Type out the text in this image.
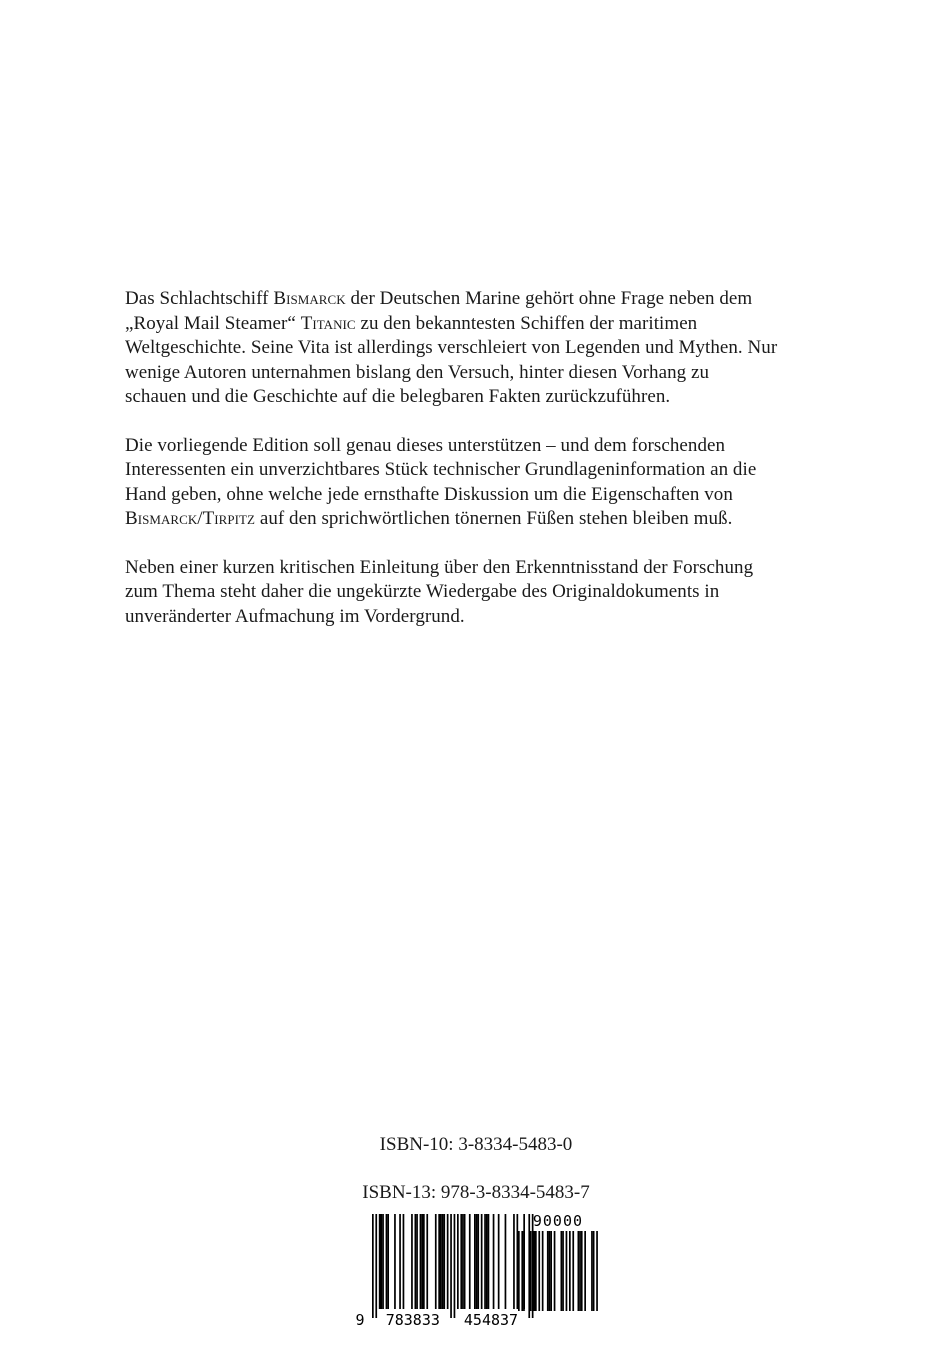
Das Schlachtschiff Bismarck der Deutschen Marine gehört ohne Frage neben dem
„Royal Mail Steamer“ Titanic zu den bekanntesten Schiffen der maritimen
Weltgeschichte. Seine Vita ist allerdings verschleiert von Legenden und Mythen. Nur
wenige Autoren unternahmen bislang den Versuch, hinter diesen Vorhang zu
schauen und die Geschichte auf die belegbaren Fakten zurückzuführen.

Die vorliegende Edition soll genau dieses unterstützen – und dem forschenden
Interessenten ein unverzichtbares Stück technischer Grundlageninformation an die
Hand geben, ohne welche jede ernsthafte Diskussion um die Eigenschaften von
Bismarck/Tirpitz auf den sprichwörtlichen tönernen Füßen stehen bleiben muß.

Neben einer kurzen kritischen Einleitung über den Erkenntnisstand der Forschung
zum Thema steht daher die ungekürzte Wiedergabe des Originaldokuments in
unveränderter Aufmachung im Vordergrund.

ISBN-10: 3-8334-5483-0
ISBN-13: 978-3-8334-5483-7
9 783833 454837
90000
